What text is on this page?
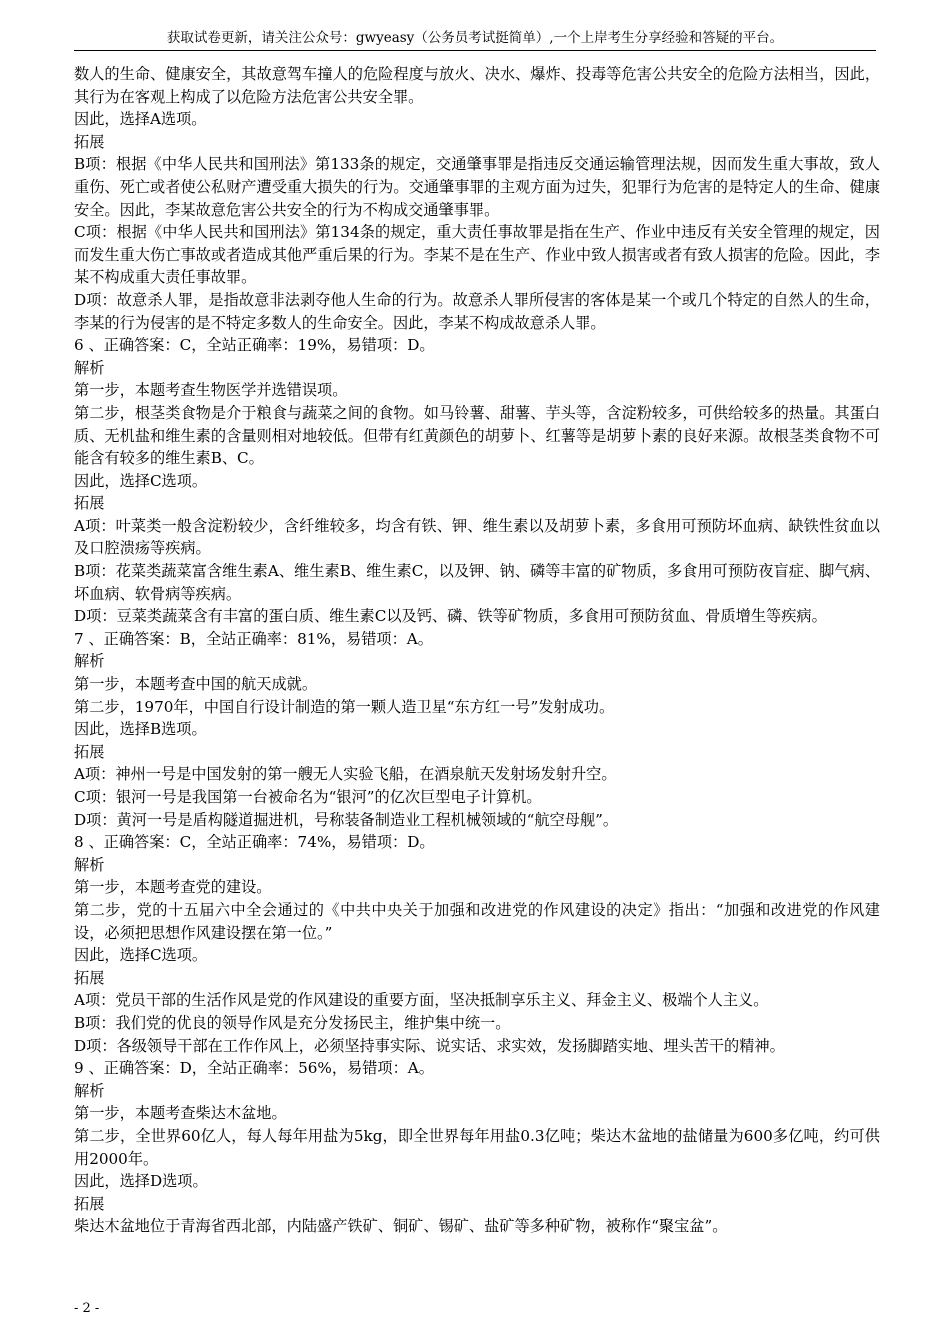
获取试卷更新，请关注公众号：gwyeasy（公务员考试挺简单）,一个上岸考生分享经验和答疑的平台。

数人的生命、健康安全，其故意驾车撞人的危险程度与放火、决水、爆炸、投毒等危害公共安全的危险方法相当，因此，其行为在客观上构成了以危险方法危害公共安全罪。

因此，选择A选项。

拓展

B项：根据《中华人民共和国刑法》第133条的规定，交通肇事罪是指违反交通运输管理法规，因而发生重大事故，致人重伤、死亡或者使公私财产遭受重大损失的行为。交通肇事罪的主观方面为过失，犯罪行为危害的是特定人的生命、健康安全。因此，李某故意危害公共安全的行为不构成交通肇事罪。

C项：根据《中华人民共和国刑法》第134条的规定，重大责任事故罪是指在生产、作业中违反有关安全管理的规定，因而发生重大伤亡事故或者造成其他严重后果的行为。李某不是在生产、作业中致人损害或者有致人损害的危险。因此，李某不构成重大责任事故罪。

D项：故意杀人罪，是指故意非法剥夺他人生命的行为。故意杀人罪所侵害的客体是某一个或几个特定的自然人的生命，李某的行为侵害的是不特定多数人的生命安全。因此，李某不构成故意杀人罪。

6 、正确答案：C，全站正确率：19%，易错项：D。

解析

第一步，本题考查生物医学并选错误项。

第二步，根茎类食物是介于粮食与蔬菜之间的食物。如马铃薯、甜薯、芋头等，含淀粉较多，可供给较多的热量。其蛋白质、无机盐和维生素的含量则相对地较低。但带有红黄颜色的胡萝卜、红薯等是胡萝卜素的良好来源。故根茎类食物不可能含有较多的维生素B、C。

因此，选择C选项。

拓展

A项：叶菜类一般含淀粉较少，含纤维较多，均含有铁、钾、维生素以及胡萝卜素，多食用可预防坏血病、缺铁性贫血以及口腔溃疡等疾病。

B项：花菜类蔬菜富含维生素A、维生素B、维生素C，以及钾、钠、磷等丰富的矿物质，多食用可预防夜盲症、脚气病、坏血病、软骨病等疾病。

D项：豆菜类蔬菜含有丰富的蛋白质、维生素C以及钙、磷、铁等矿物质，多食用可预防贫血、骨质增生等疾病。

7 、正确答案：B，全站正确率：81%，易错项：A。

解析

第一步，本题考查中国的航天成就。

第二步，1970年，中国自行设计制造的第一颗人造卫星“东方红一号”发射成功。

因此，选择B选项。

拓展

A项：神州一号是中国发射的第一艘无人实验飞船，在酒泉航天发射场发射升空。

C项：银河一号是我国第一台被命名为“银河”的亿次巨型电子计算机。

D项：黄河一号是盾构隧道掘进机，号称装备制造业工程机械领域的“航空母舰”。

8 、正确答案：C，全站正确率：74%，易错项：D。

解析

第一步，本题考查党的建设。

第二步，党的十五届六中全会通过的《中共中央关于加强和改进党的作风建设的决定》指出：“加强和改进党的作风建设，必须把思想作风建设摆在第一位。”

因此，选择C选项。

拓展

A项：党员干部的生活作风是党的作风建设的重要方面，坚决抵制享乐主义、拜金主义、极端个人主义。

B项：我们党的优良的领导作风是充分发扬民主，维护集中统一。

D项：各级领导干部在工作作风上，必须坚持事实际、说实话、求实效，发扬脚踏实地、埋头苦干的精神。

9 、正确答案：D，全站正确率：56%，易错项：A。

解析

第一步，本题考查柴达木盆地。

第二步，全世界60亿人，每人每年用盐为5kg，即全世界每年用盐0.3亿吨；柴达木盆地的盐储量为600多亿吨，约可供用2000年。

因此，选择D选项。

拓展

柴达木盆地位于青海省西北部，内陆盛产铁矿、铜矿、锡矿、盐矿等多种矿物，被称作“聚宝盆”。

- 2 -
